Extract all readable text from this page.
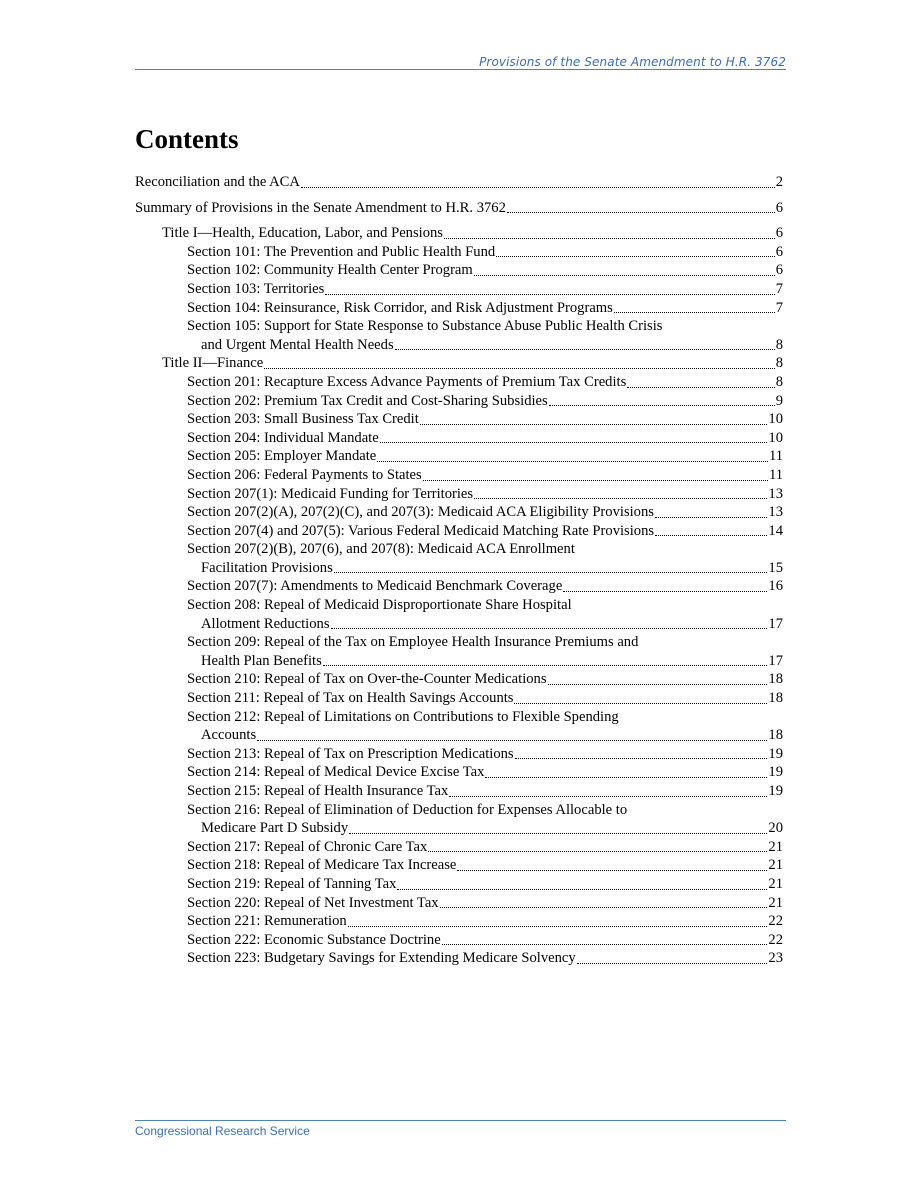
Provisions of the Senate Amendment to H.R. 3762
Contents
Reconciliation and the ACA	2
Summary of Provisions in the Senate Amendment to H.R. 3762	6
Title I—Health, Education, Labor, and Pensions	6
Section 101: The Prevention and Public Health Fund	6
Section 102: Community Health Center Program	6
Section 103: Territories	7
Section 104: Reinsurance, Risk Corridor, and Risk Adjustment Programs	7
Section 105: Support for State Response to Substance Abuse Public Health Crisis
and Urgent Mental Health Needs	8
Title II—Finance	8
Section 201: Recapture Excess Advance Payments of Premium Tax Credits	8
Section 202: Premium Tax Credit and Cost-Sharing Subsidies	9
Section 203: Small Business Tax Credit	10
Section 204: Individual Mandate	10
Section 205: Employer Mandate	11
Section 206: Federal Payments to States	11
Section 207(1): Medicaid Funding for Territories	13
Section 207(2)(A), 207(2)(C), and 207(3): Medicaid ACA Eligibility Provisions	13
Section 207(4) and 207(5): Various Federal Medicaid Matching Rate Provisions	14
Section 207(2)(B), 207(6), and 207(8): Medicaid ACA Enrollment
Facilitation Provisions	15
Section 207(7): Amendments to Medicaid Benchmark Coverage	16
Section 208: Repeal of Medicaid Disproportionate Share Hospital
Allotment Reductions	17
Section 209: Repeal of the Tax on Employee Health Insurance Premiums and
Health Plan Benefits	17
Section 210: Repeal of Tax on Over-the-Counter Medications	18
Section 211: Repeal of Tax on Health Savings Accounts	18
Section 212: Repeal of Limitations on Contributions to Flexible Spending
Accounts	18
Section 213: Repeal of Tax on Prescription Medications	19
Section 214: Repeal of Medical Device Excise Tax	19
Section 215: Repeal of Health Insurance Tax	19
Section 216: Repeal of Elimination of Deduction for Expenses Allocable to
Medicare Part D Subsidy	20
Section 217: Repeal of Chronic Care Tax	21
Section 218: Repeal of Medicare Tax Increase	21
Section 219: Repeal of Tanning Tax	21
Section 220: Repeal of Net Investment Tax	21
Section 221: Remuneration	22
Section 222: Economic Substance Doctrine	22
Section 223: Budgetary Savings for Extending Medicare Solvency	23
Congressional Research Service
